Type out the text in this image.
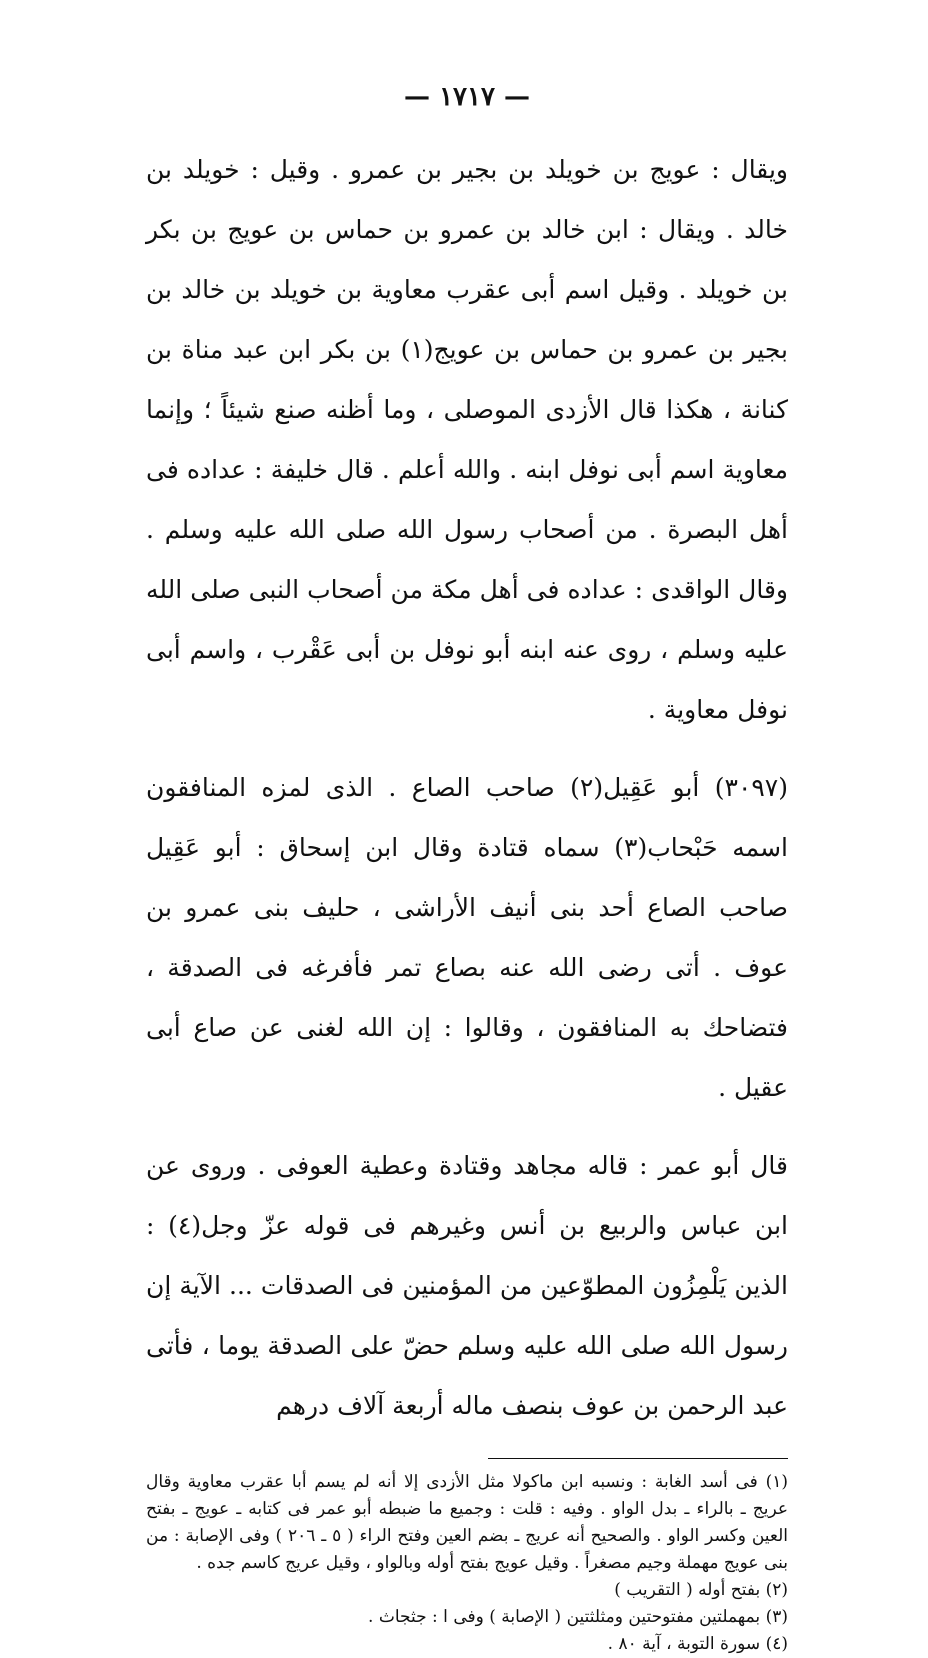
— ١٧١٧ —

ويقال : عويج بن خويلد بن بجير بن عمرو . وقيل : خويلد بن خالد . ويقال : ابن خالد بن عمرو بن حماس بن عويج بن بكر بن خويلد . وقيل اسم أبى عقرب معاوية بن خويلد بن خالد بن بجير بن عمرو بن حماس بن عويج(١) بن بكر ابن عبد مناة بن كنانة ، هكذا قال الأزدى الموصلى ، وما أظنه صنع شيئاً ؛ وإنما معاوية اسم أبى نوفل ابنه . والله أعلم . قال خليفة : عداده فى أهل البصرة . من أصحاب رسول الله صلى الله عليه وسلم . وقال الواقدى : عداده فى أهل مكة من أصحاب النبى صلى الله عليه وسلم ، روى عنه ابنه أبو نوفل بن أبى عَقْرب ، واسم أبى نوفل معاوية .

(٣٠٩٧) أبو عَقِيل(٢) صاحب الصاع . الذى لمزه المنافقون اسمه حَبْحاب(٣) سماه قتادة وقال ابن إسحاق : أبو عَقِيل صاحب الصاع أحد بنى أنيف الأراشى ، حليف بنى عمرو بن عوف . أتى رضى الله عنه بصاع تمر فأفرغه فى الصدقة ، فتضاحك به المنافقون ، وقالوا : إن الله لغنى عن صاع أبى عقيل .

قال أبو عمر : قاله مجاهد وقتادة وعطية العوفى . وروى عن ابن عباس والربيع بن أنس وغيرهم فى قوله عزّ وجل(٤) : الذين يَلْمِزُون المطوّعين من المؤمنين فى الصدقات ... الآية إن رسول الله صلى الله عليه وسلم حضّ على الصدقة يوما ، فأتى عبد الرحمن بن عوف بنصف ماله أربعة آلاف درهم

(١) فى أسد الغابة : ونسبه ابن ماكولا مثل الأزدى إلا أنه لم يسم أبا عقرب معاوية وقال عريج ـ بالراء ـ بدل الواو . وفيه : قلت : وجميع ما ضبطه أبو عمر فى كتابه ـ عويج ـ بفتح العين وكسر الواو . والصحيح أنه عريج ـ بضم العين وفتح الراء ( ٥ ـ ٢٠٦ ) وفى الإصابة : من بنى عويج مهملة وجيم مصغراً . وقيل عويج بفتح أوله وبالواو ، وقيل عريج كاسم جده .

(٢) بفتح أوله ( التقريب )

(٣) بمهملتين مفتوحتين ومثلثتين ( الإصابة ) وفى ا : جثجاث .

(٤) سورة التوبة ، آية ٨٠ .
